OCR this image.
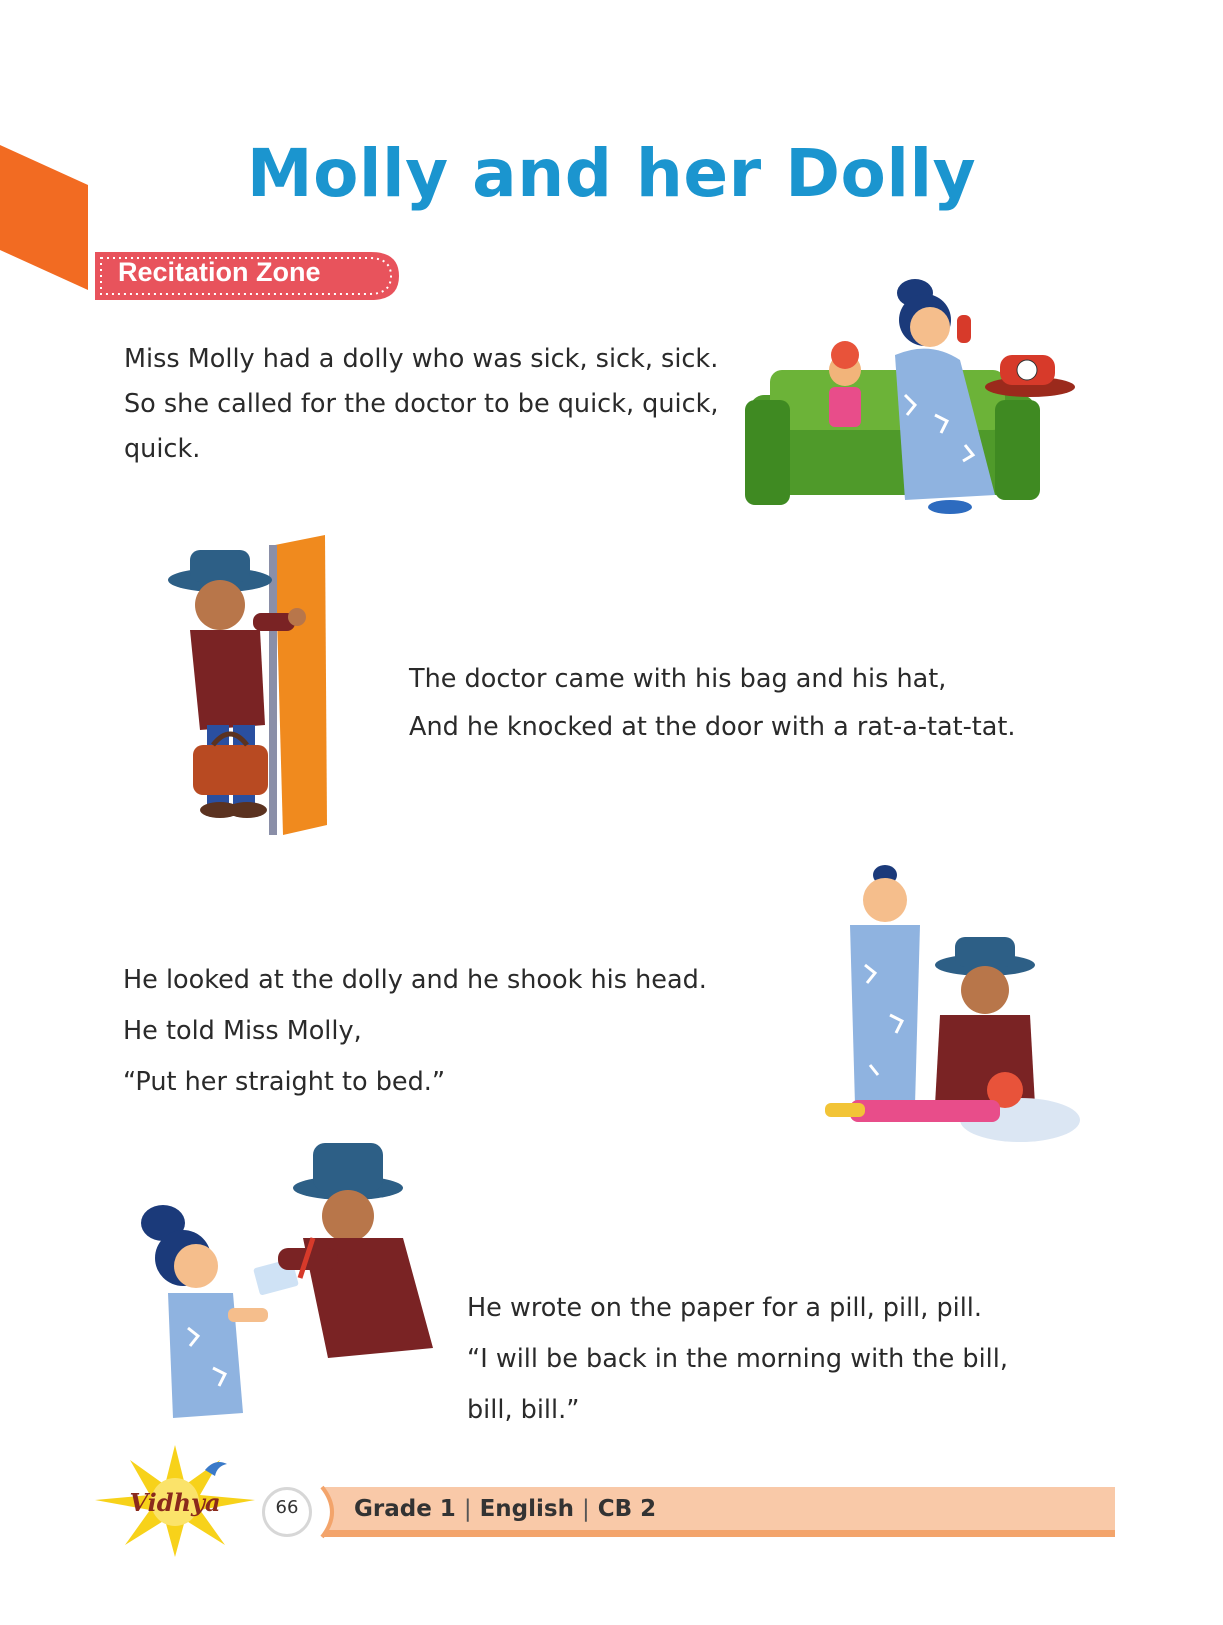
Molly and her Dolly
Recitation Zone

Miss Molly had a dolly who was sick, sick, sick.

So she called for the doctor to be quick, quick,

quick.

The doctor came with his bag and his hat,

And he knocked at the door with a rat-a-tat-tat.

He looked at the dolly and he shook his head.

He told Miss Molly,

“Put her straight to bed.”

He wrote on the paper for a pill, pill, pill.

“I will be back in the morning with the bill,

bill, bill.”

66	Grade 1 | English | CB 2
Vidhya
